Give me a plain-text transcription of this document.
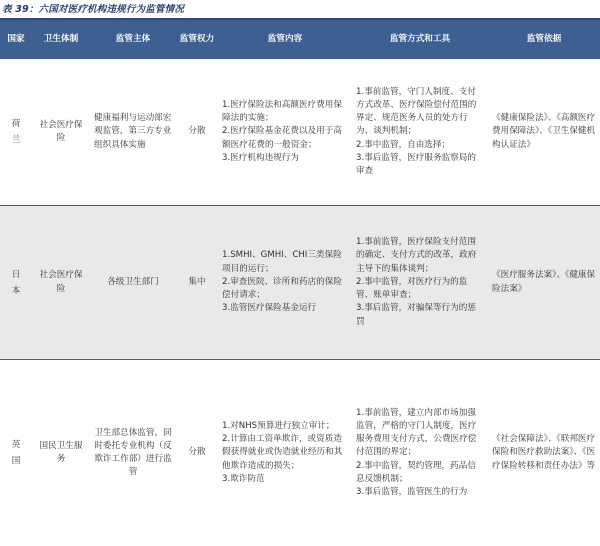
表 39：六国对医疗机构违规行为监管情况
国家	卫生体制	监管主体	监管权力	监管内容	监管方式和工具	监管依据

荷兰	社会医疗保险	健康福利与运动部宏观监管，第三方专业组织具体实施	分散	1.医疗保险法和高额医疗费用保障法的实施；
2.医疗保险基金花费以及用于高额医疗花费的一般资金；
3.医疗机构违规行为	1.事前监管，守门人制度、支付方式改革、医疗保险偿付范围的界定、规范医务人员的处方行为、谈判机制；
2.事中监管，自由选择；
3.事后监管，医疗服务监察局的审查	《健康保险法》、《高额医疗费用保障法》、《卫生保健机构认证法》

日本	社会医疗保险	各级卫生部门	集中	1.SMHI、GMHI、CHI三类保险项目的运行；
2.审查医院、诊所和药店的保险偿付请求；
3.监管医疗保险基金运行	1.事前监管，医疗保险支付范围的确定、支付方式的改革，政府主导下的集体谈判；
2.事中监管，对医疗行为的监管、账单审查；
3.事后监管，对骗保等行为的惩罚	《医疗服务法案》、《健康保险法案》

英国	国民卫生服务	卫生部总体监管，同时委托专业机构（反欺诈工作部）进行监管	分散	1.对NHS预算进行独立审计；
2.计算由工资单欺诈，或资质造假获得就业或伪造就业经历和其他欺诈造成的损失；
3.欺诈防范	1.事前监管，建立内部市场加强监管，严格的守门人制度，医疗服务费用支付方式，公费医疗偿付范围的界定；
2.事中监管，契约管理，药品信息反馈机制；
3.事后监管，监管医生的行为	《社会保障法》、《联邦医疗保险和医疗救助法案》、《医疗保险转移和责任办法》等
